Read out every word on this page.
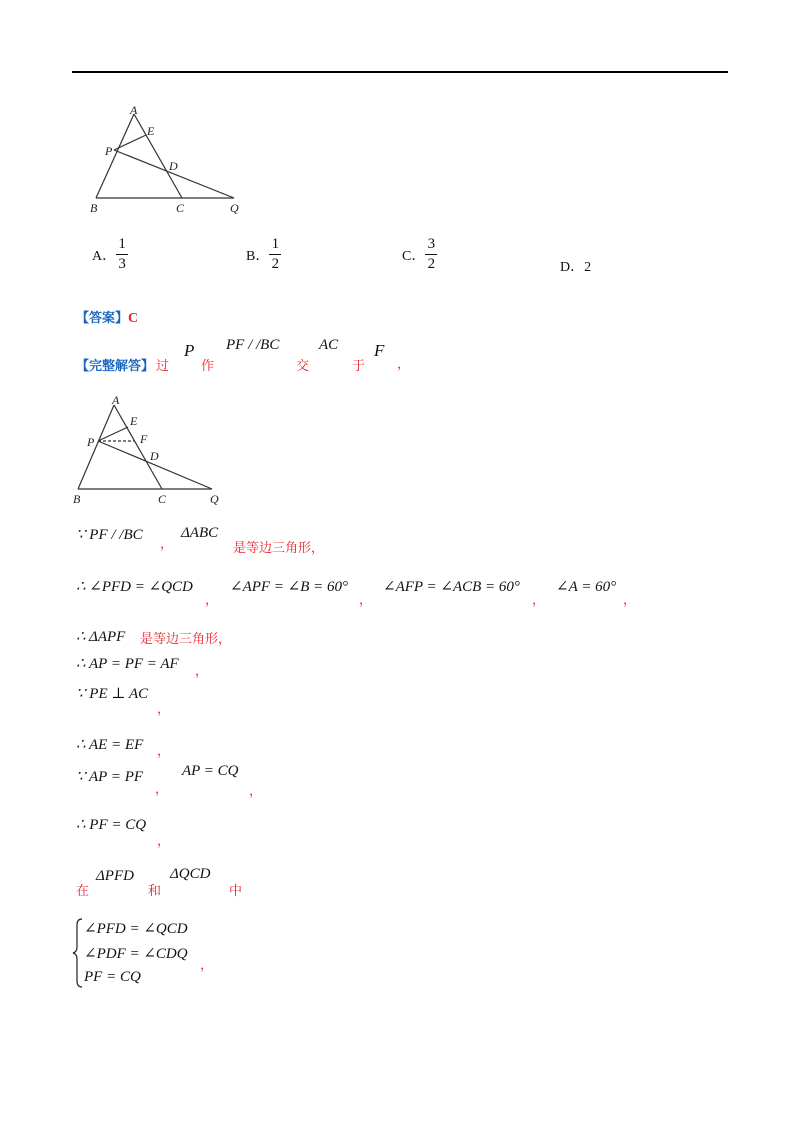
A
E
P
D
B	C	Q
A． $\frac{1}{3}$	B． $\frac{1}{2}$	C． $\frac{3}{2}$	D．2
【答案】C
【完整解答】 过
P
作
PF / /BC
交
AC
于
F
，
A
E
P	F
D
B	C	Q
∵ PF / /BC
，
ΔABC
是等边三角形，
∴ ∠PFD = ∠QCD
，
∠APF = ∠B = 60°
，
∠AFP = ∠ACB = 60°
，
∠A = 60°
，
∴ ΔAPF 是等边三角形，
∴ AP = PF = AF ，
∵ PE ⊥ AC
，
∴ AE = EF ，
∵ AP = PF
，
AP = CQ
，
∴ PF = CQ
，
在
ΔPFD
和
ΔQCD
中
∠PFD = ∠QCD
∠PDF = ∠CDQ
PF = CQ
，
